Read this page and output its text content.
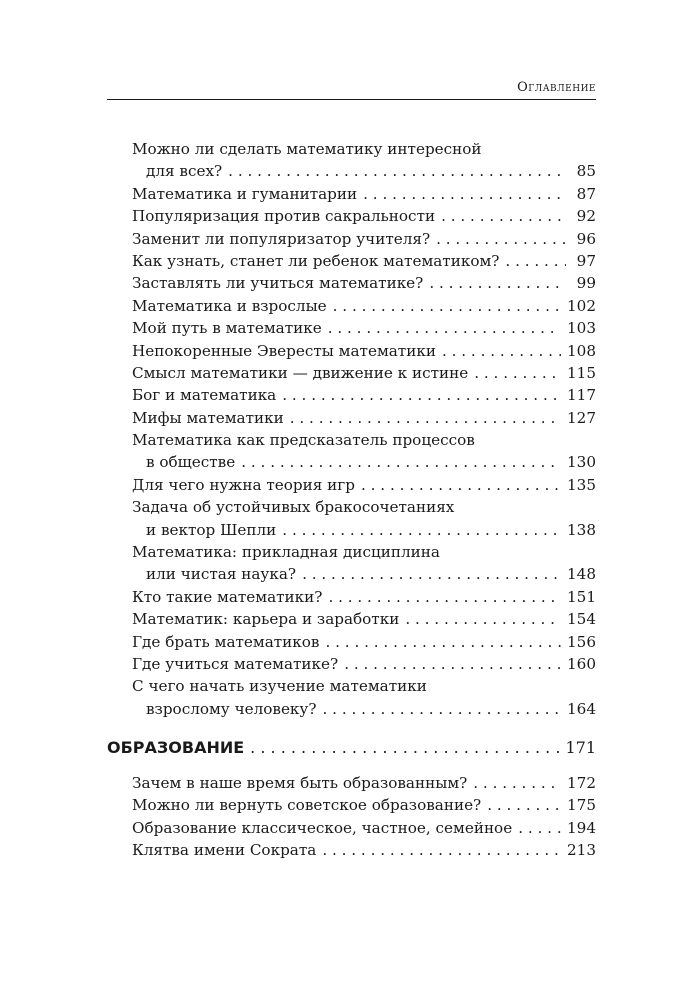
Оглавление
Можно ли сделать математику интересной
для всех? . . .	85
Математика и гуманитарии . . .	87
Популяризация против сакральности . . .	92
Заменит ли популяризатор учителя? . . .	96
Как узнать, станет ли ребенок математиком? . . .	97
Заставлять ли учиться математике? . . .	99
Математика и взрослые . . .	102
Мой путь в математике . . .	103
Непокоренные Эвересты математики . . .	108
Смысл математики — движение к истине . . .	115
Бог и математика . . .	117
Мифы математики . . .	127
Математика как предсказатель процессов
в обществе . . .	130
Для чего нужна теория игр . . .	135
Задача об устойчивых бракосочетаниях
и вектор Шепли . . .	138
Математика: прикладная дисциплина
или чистая наука? . . .	148
Кто такие математики? . . .	151
Математик: карьера и заработки . . .	154
Где брать математиков . . .	156
Где учиться математике? . . .	160
С чего начать изучение математики
взрослому человеку? . . .	164
ОБРАЗОВАНИЕ . . .	171
Зачем в наше время быть образованным? . . .	172
Можно ли вернуть советское образование? . . .	175
Образование классическое, частное, семейное . . .	194
Клятва имени Сократа . . .	213
